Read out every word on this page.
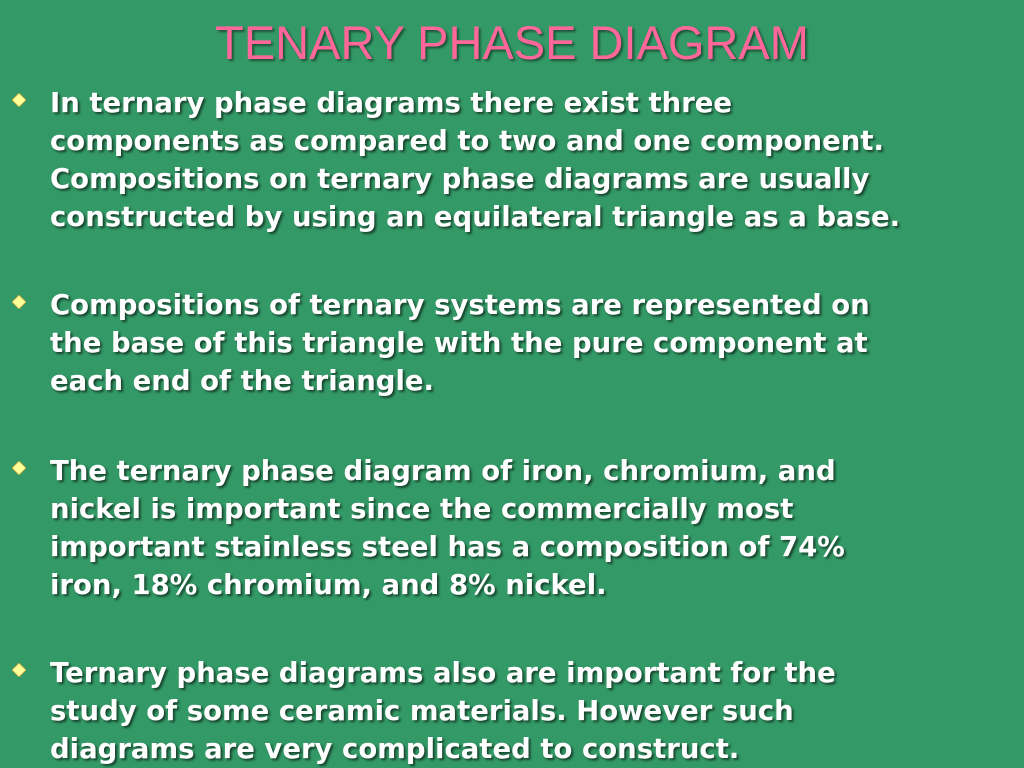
TENARY PHASE DIAGRAM
In ternary phase diagrams there exist three
components as compared to two and one component.
Compositions on ternary phase diagrams are usually
constructed by using an equilateral triangle as a base.
Compositions of ternary systems are represented on
the base of this triangle with the pure component at
each end of the triangle.
The ternary phase diagram of iron, chromium, and
nickel is important since the commercially most
important stainless steel has a composition of 74%
iron, 18% chromium, and 8% nickel.
Ternary phase diagrams also are important for the
study of some ceramic materials. However such
diagrams are very complicated to construct.
